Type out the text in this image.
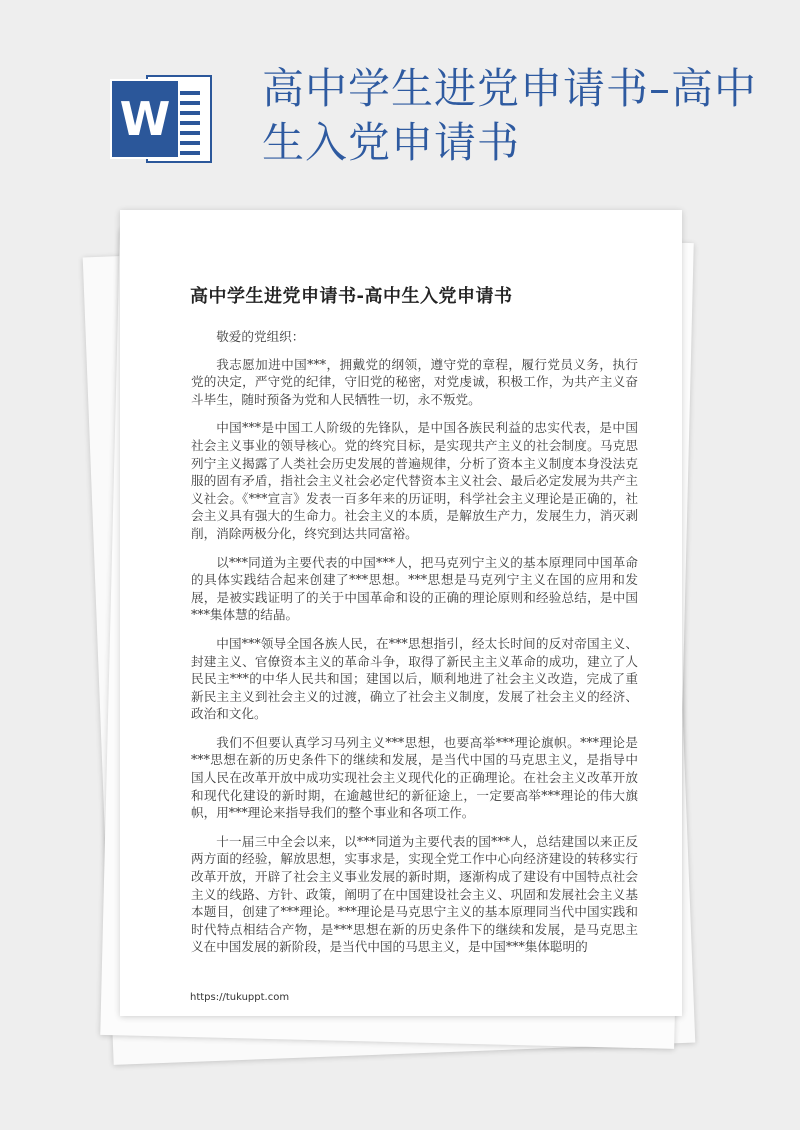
W
高中学生进党申请书–高中生入党申请书
高中学生进党申请书-高中生入党申请书

敬爱的党组织：

我志愿加进中国***，拥戴党的纲领，遵守党的章程，履行党员义务，执行党的决定，严守党的纪律，守旧党的秘密，对党虔诚，积极工作，为共产主义奋斗毕生，随时预备为党和人民牺牲一切，永不叛党。

中国***是中国工人阶级的先锋队，是中国各族民利益的忠实代表，是中国社会主义事业的领导核心。党的终究目标，是实现共产主义的社会制度。马克思列宁主义揭露了人类社会历史发展的普遍规律，分析了资本主义制度本身没法克服的固有矛盾，指社会主义社会必定代替资本主义社会、最后必定发展为共产主义社会。《***宣言》发表一百多年来的历证明，科学社会主义理论是正确的，社会主义具有强大的生命力。社会主义的本质，是解放生产力，发展生力，消灭剥削，消除两极分化，终究到达共同富裕。

以***同道为主要代表的中国***人，把马克列宁主义的基本原理同中国革命的具体实践结合起来创建了***思想。***思想是马克列宁主义在国的应用和发展，是被实践证明了的关于中国革命和设的正确的理论原则和经验总结，是中国***集体慧的结晶。

中国***领导全国各族人民，在***思想指引，经太长时间的反对帝国主义、封建主义、官僚资本主义的革命斗争，取得了新民主主义革命的成功，建立了人民民主***的中华人民共和国；建国以后，顺利地进了社会主义改造，完成了重新民主主义到社会主义的过渡，确立了社会主义制度，发展了社会主义的经济、政治和文化。

我们不但要认真学习马列主义***思想，也要高举***理论旗帜。***理论是***思想在新的历史条件下的继续和发展，是当代中国的马克思主义，是指导中国人民在改革开放中成功实现社会主义现代化的正确理论。在社会主义改革开放和现代化建设的新时期，在逾越世纪的新征途上，一定要高举***理论的伟大旗帜，用***理论来指导我们的整个事业和各项工作。

十一届三中全会以来，以***同道为主要代表的国***人，总结建国以来正反两方面的经验，解放思想，实事求是，实现全党工作中心向经济建设的转移实行改革开放，开辟了社会主义事业发展的新时期，逐渐构成了建设有中国特点社会主义的线路、方针、政策，阐明了在中国建设社会主义、巩固和发展社会主义基本题目，创建了***理论。***理论是马克思宁主义的基本原理同当代中国实践和时代特点相结合产物，是***思想在新的历史条件下的继续和发展，是马克思主义在中国发展的新阶段，是当代中国的马思主义，是中国***集体聪明的

https://tukuppt.com
